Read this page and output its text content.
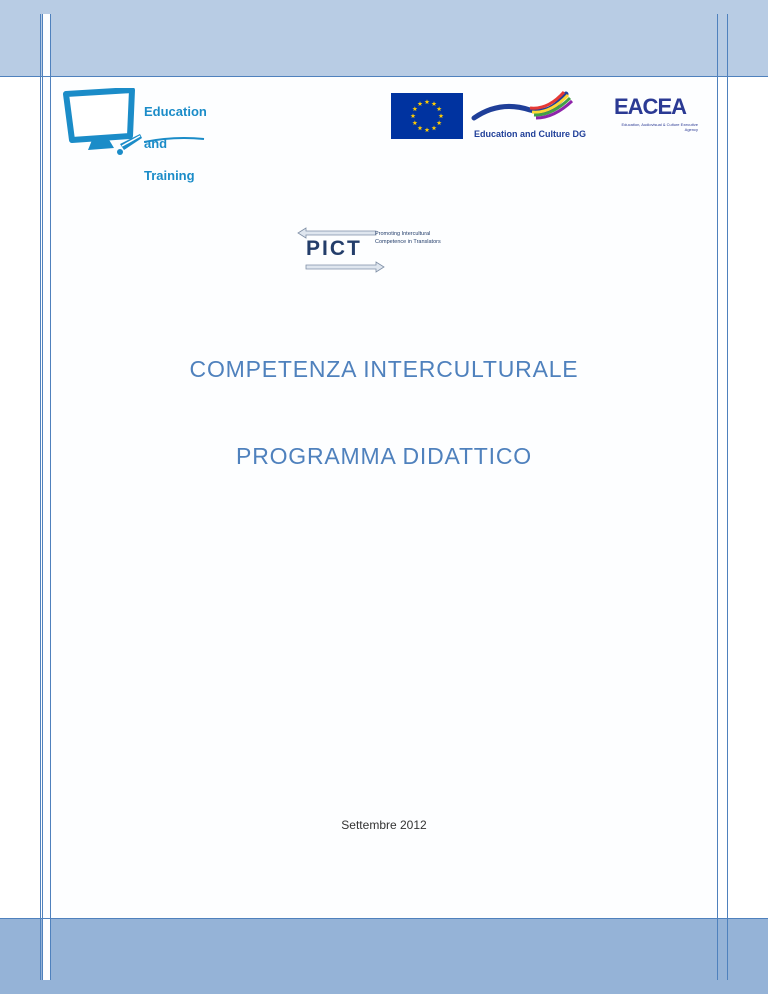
Education

and

Training

Education and Culture DG
EACEA
Education, Audiovisual & Culture Executive Agency
PICT
Promoting Intercultural
Competence in Translators
COMPETENZA INTERCULTURALE
PROGRAMMA DIDATTICO
Settembre 2012
